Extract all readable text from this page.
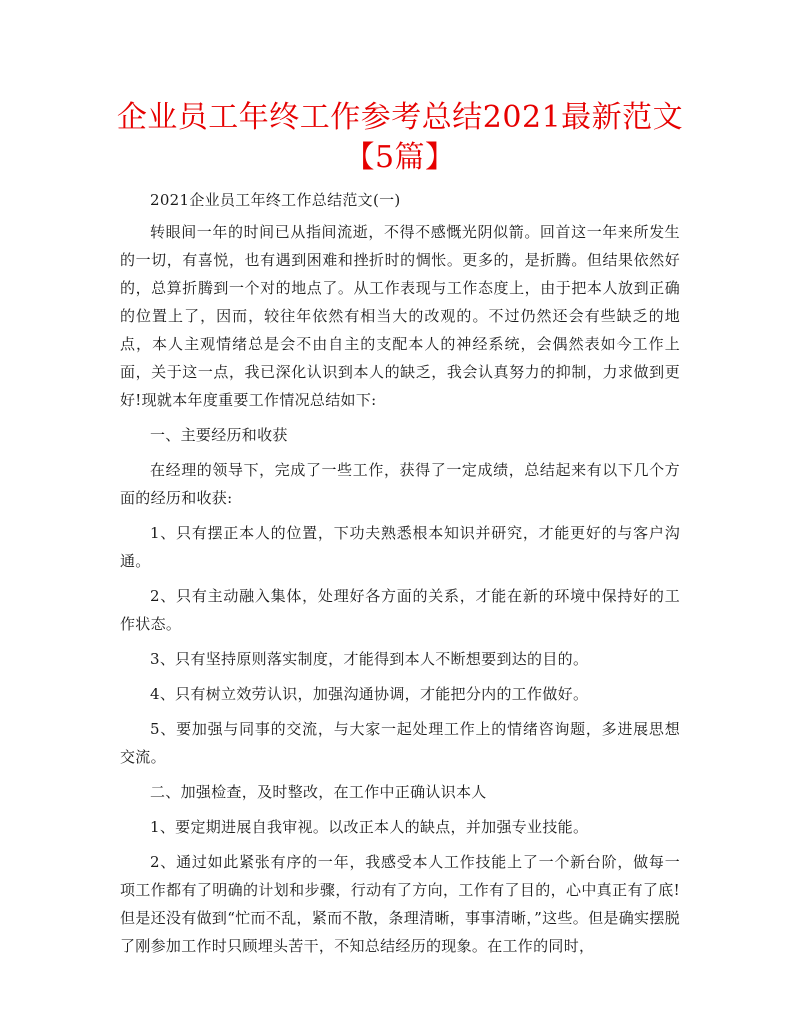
企业员工年终工作参考总结2021最新范文【5篇】

2021企业员工年终工作总结范文(一)

转眼间一年的时间已从指间流逝，不得不感慨光阴似箭。回首这一年来所发生的一切，有喜悦，也有遇到困难和挫折时的惆怅。更多的，是折腾。但结果依然好的，总算折腾到一个对的地点了。从工作表现与工作态度上，由于把本人放到正确的位置上了，因而，较往年依然有相当大的改观的。不过仍然还会有些缺乏的地点，本人主观情绪总是会不由自主的支配本人的神经系统，会偶然表如今工作上面，关于这一点，我已深化认识到本人的缺乏，我会认真努力的抑制，力求做到更好!现就本年度重要工作情况总结如下:

一、主要经历和收获

在经理的领导下，完成了一些工作，获得了一定成绩，总结起来有以下几个方面的经历和收获:

1、只有摆正本人的位置，下功夫熟悉根本知识并研究，才能更好的与客户沟通。

2、只有主动融入集体，处理好各方面的关系，才能在新的环境中保持好的工作状态。

3、只有坚持原则落实制度，才能得到本人不断想要到达的目的。

4、只有树立效劳认识，加强沟通协调，才能把分内的工作做好。

5、要加强与同事的交流，与大家一起处理工作上的情绪咨询题，多进展思想交流。

二、加强检查，及时整改，在工作中正确认识本人

1、要定期进展自我审视。以改正本人的缺点，并加强专业技能。

2、通过如此紧张有序的一年，我感受本人工作技能上了一个新台阶，做每一项工作都有了明确的计划和步骤，行动有了方向，工作有了目的，心中真正有了底!但是还没有做到“忙而不乱，紧而不散，条理清晰，事事清晰，”这些。但是确实摆脱了刚参加工作时只顾埋头苦干，不知总结经历的现象。在工作的同时，
